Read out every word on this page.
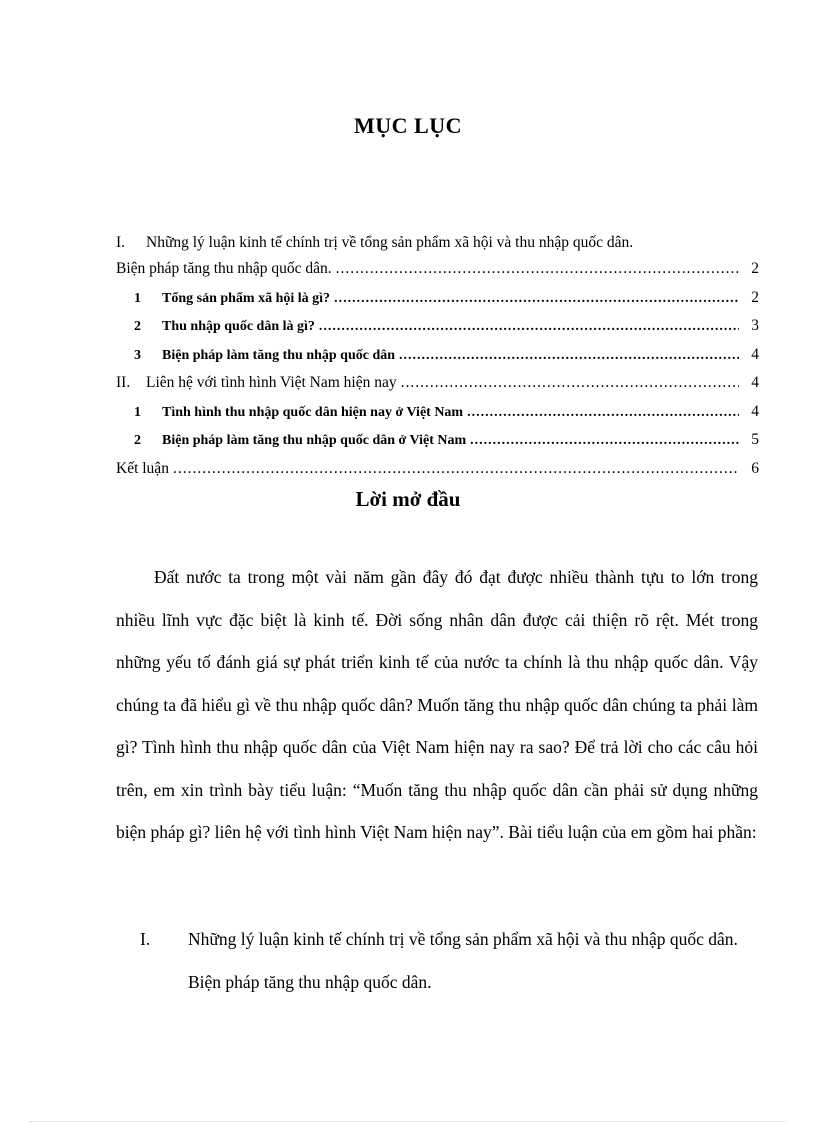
MỤC LỤC
I. Những lý luận kinh tế chính trị về tổng sản phẩm xã hội và thu nhập quốc dân.
Biện pháp tăng thu nhập quốc dân. .....	2
1	Tổng sản phẩm xã hội là gì? .....	2
2	Thu nhập quốc dân là gì? .....	3
3	Biện pháp làm tăng thu nhập quốc dân .....	4
II.	Liên hệ với tình hình Việt Nam hiện nay .....	4
1	Tình hình thu nhập quốc dân hiện nay ở Việt Nam .....	4
2	Biện pháp làm tăng thu nhập quốc dân ở Việt Nam .....	5
Kết luận .....	6
Lời mở đầu

Đất nước ta trong một vài năm gần đây đó đạt được nhiều thành tựu to lớn trong nhiều lĩnh vực đặc biệt là kinh tế. Đời sống nhân dân được cải thiện rõ rệt. Mét trong những yếu tố đánh giá sự phát triển kinh tế của nước ta chính là thu nhập quốc dân. Vậy chúng ta đã hiểu gì về thu nhập quốc dân? Muốn tăng thu nhập quốc dân chúng ta phải làm gì? Tình hình thu nhập quốc dân của Việt Nam hiện nay ra sao? Để trả lời cho các câu hỏi trên, em xin trình bày tiểu luận: “Muốn tăng thu nhập quốc dân cần phải sử dụng những biện pháp gì? liên hệ với tình hình Việt Nam hiện nay”. Bài tiểu luận của em gồm hai phần:

I. Những lý luận kinh tế chính trị về tổng sản phẩm xã hội và thu nhập quốc dân. Biện pháp tăng thu nhập quốc dân.
